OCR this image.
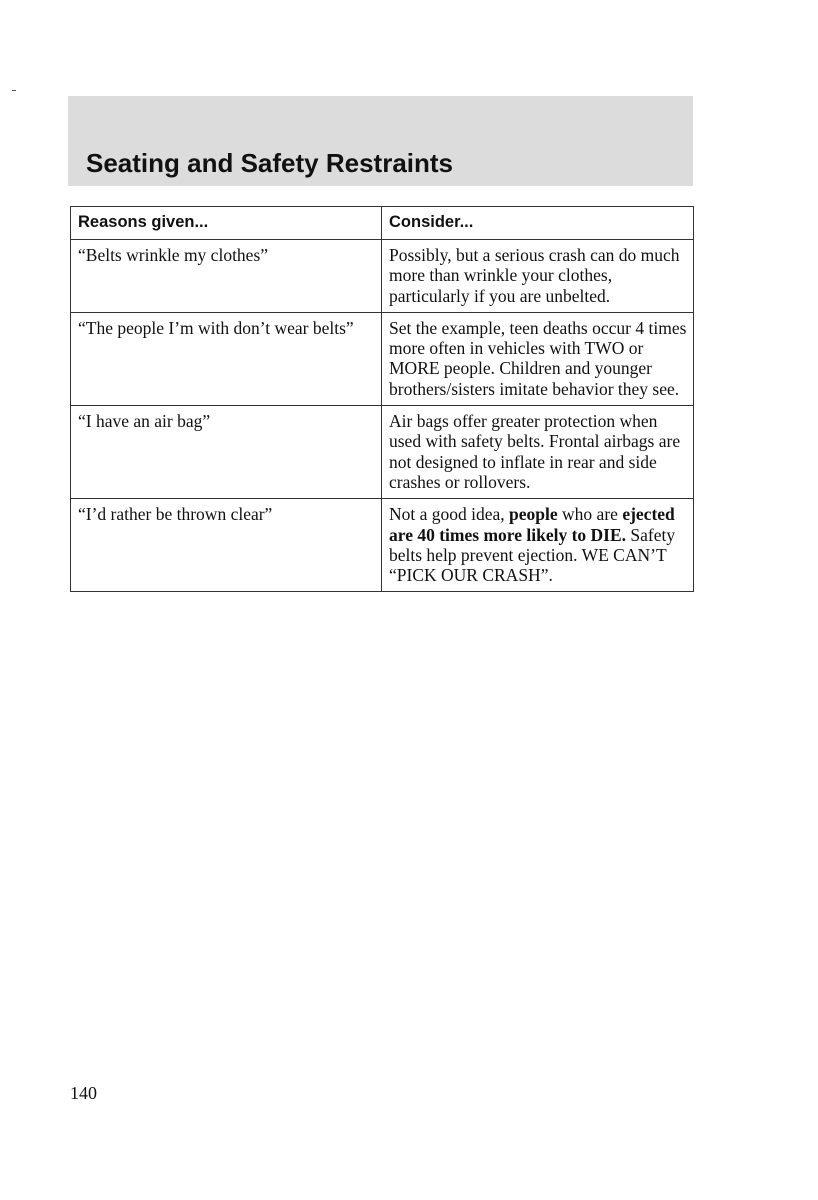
Seating and Safety Restraints
Reasons given...	Consider...
“Belts wrinkle my clothes”	Possibly, but a serious crash can do much more than wrinkle your clothes, particularly if you are unbelted.
“The people I’m with don’t wear belts”	Set the example, teen deaths occur 4 times more often in vehicles with TWO or MORE people. Children and younger brothers/sisters imitate behavior they see.
“I have an air bag”	Air bags offer greater protection when used with safety belts. Frontal airbags are not designed to inflate in rear and side crashes or rollovers.
“I’d rather be thrown clear”	Not a good idea, people who are ejected are 40 times more likely to DIE. Safety belts help prevent ejection. WE CAN’T “PICK OUR CRASH”.
140
